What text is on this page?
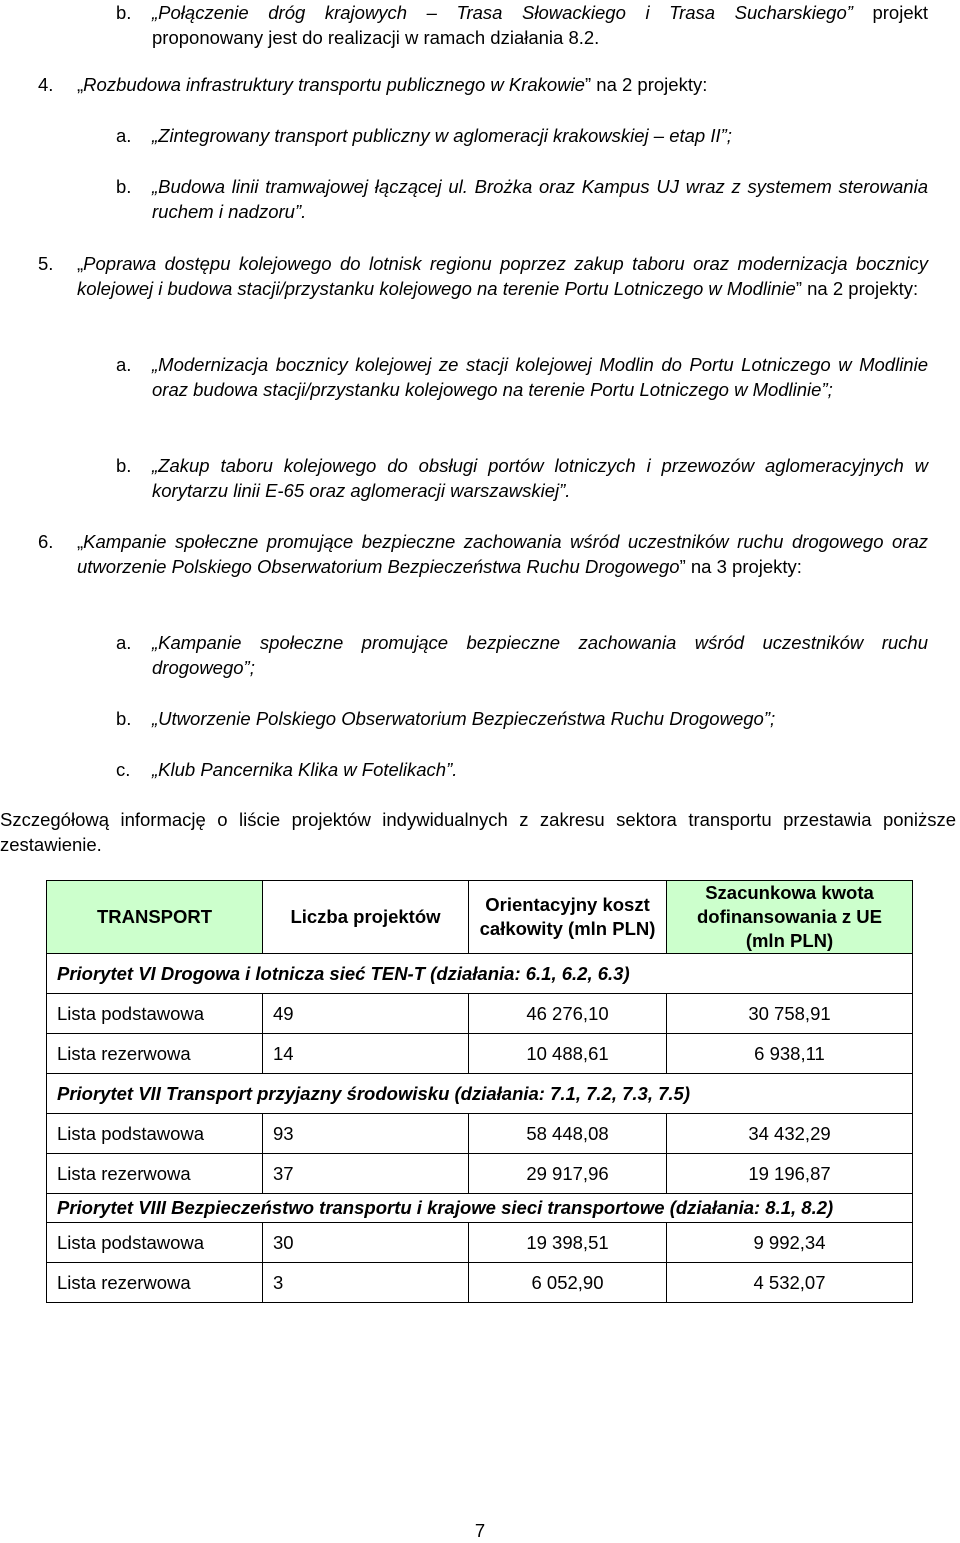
b. „Połączenie dróg krajowych – Trasa Słowackiego i Trasa Sucharskiego” projekt
proponowany jest do realizacji w ramach działania 8.2.
4. „Rozbudowa infrastruktury transportu publicznego w Krakowie” na 2 projekty:
a. „Zintegrowany transport publiczny w aglomeracji krakowskiej – etap II”;
b. „Budowa linii tramwajowej łączącej ul. Brożka oraz Kampus UJ wraz z systemem sterowania ruchem i nadzoru”.
5. „Poprawa dostępu kolejowego do lotnisk regionu poprzez zakup taboru oraz modernizacja bocznicy kolejowej i budowa stacji/przystanku kolejowego na terenie Portu Lotniczego w Modlinie” na 2 projekty:
a. „Modernizacja bocznicy kolejowej ze stacji kolejowej Modlin do Portu Lotniczego w Modlinie oraz budowa stacji/przystanku kolejowego na terenie Portu Lotniczego w Modlinie”;
b. „Zakup taboru kolejowego do obsługi portów lotniczych i przewozów aglomeracyjnych w korytarzu linii E-65 oraz aglomeracji warszawskiej”.
6. „Kampanie społeczne promujące bezpieczne zachowania wśród uczestników ruchu drogowego oraz utworzenie Polskiego Obserwatorium Bezpieczeństwa Ruchu Drogowego” na 3 projekty:
a. „Kampanie społeczne promujące bezpieczne zachowania wśród uczestników ruchu drogowego”;
b. „Utworzenie Polskiego Obserwatorium Bezpieczeństwa Ruchu Drogowego”;
c. „Klub Pancernika Klika w Fotelikach”.
Szczegółową informację o liście projektów indywidualnych z zakresu sektora transportu przestawia poniższe zestawienie.
TRANSPORT	Liczba projektów	Orientacyjny koszt całkowity (mln PLN)	Szacunkowa kwota dofinansowania z UE (mln PLN)
Priorytet VI Drogowa i lotnicza sieć TEN-T (działania: 6.1, 6.2, 6.3)			
Lista podstawowa	49	46 276,10	30 758,91
Lista rezerwowa	14	10 488,61	6 938,11
Priorytet VII Transport przyjazny środowisku (działania: 7.1, 7.2, 7.3, 7.5)			
Lista podstawowa	93	58 448,08	34 432,29
Lista rezerwowa	37	29 917,96	19 196,87
Priorytet VIII Bezpieczeństwo transportu i krajowe sieci transportowe (działania: 8.1, 8.2)			
Lista podstawowa	30	19 398,51	9 992,34
Lista rezerwowa	3	6 052,90	4 532,07
7
